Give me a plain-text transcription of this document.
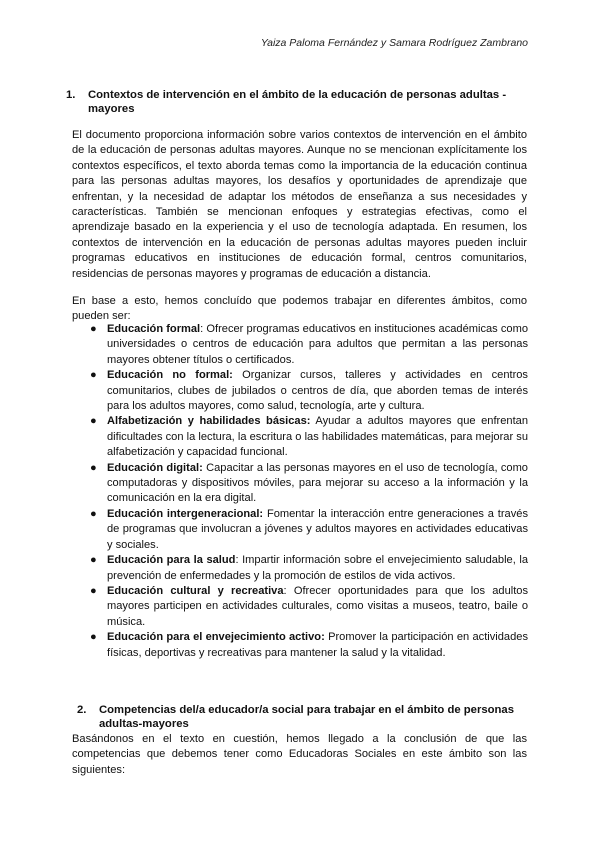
Yaiza Paloma Fernández y Samara Rodríguez Zambrano
1. Contextos de intervención en el ámbito de la educación de personas adultas -
mayores

El documento proporciona información sobre varios contextos de intervención en el ámbito de la educación de personas adultas mayores. Aunque no se mencionan explícitamente los contextos específicos, el texto aborda temas como la importancia de la educación continua para las personas adultas mayores, los desafíos y oportunidades de aprendizaje que enfrentan, y la necesidad de adaptar los métodos de enseñanza a sus necesidades y características. También se mencionan enfoques y estrategias efectivas, como el aprendizaje basado en la experiencia y el uso de tecnología adaptada. En resumen, los contextos de intervención en la educación de personas adultas mayores pueden incluir programas educativos en instituciones de educación formal, centros comunitarios, residencias de personas mayores y programas de educación a distancia.

En base a esto, hemos concluído que podemos trabajar en diferentes ámbitos, como pueden ser:

● Educación formal: Ofrecer programas educativos en instituciones académicas como universidades o centros de educación para adultos que permitan a las personas mayores obtener títulos o certificados.
● Educación no formal: Organizar cursos, talleres y actividades en centros comunitarios, clubes de jubilados o centros de día, que aborden temas de interés para los adultos mayores, como salud, tecnología, arte y cultura.
● Alfabetización y habilidades básicas: Ayudar a adultos mayores que enfrentan dificultades con la lectura, la escritura o las habilidades matemáticas, para mejorar su alfabetización y capacidad funcional.
● Educación digital: Capacitar a las personas mayores en el uso de tecnología, como computadoras y dispositivos móviles, para mejorar su acceso a la información y la comunicación en la era digital.
● Educación intergeneracional: Fomentar la interacción entre generaciones a través de programas que involucran a jóvenes y adultos mayores en actividades educativas y sociales.
● Educación para la salud: Impartir información sobre el envejecimiento saludable, la prevención de enfermedades y la promoción de estilos de vida activos.
● Educación cultural y recreativa: Ofrecer oportunidades para que los adultos mayores participen en actividades culturales, como visitas a museos, teatro, baile o música.
● Educación para el envejecimiento activo: Promover la participación en actividades físicas, deportivas y recreativas para mantener la salud y la vitalidad.
2. Competencias del/a educador/a social para trabajar en el ámbito de personas
adultas-mayores

Basándonos en el texto en cuestión, hemos llegado a la conclusión de que las competencias que debemos tener como Educadoras Sociales en este ámbito son las siguientes:
